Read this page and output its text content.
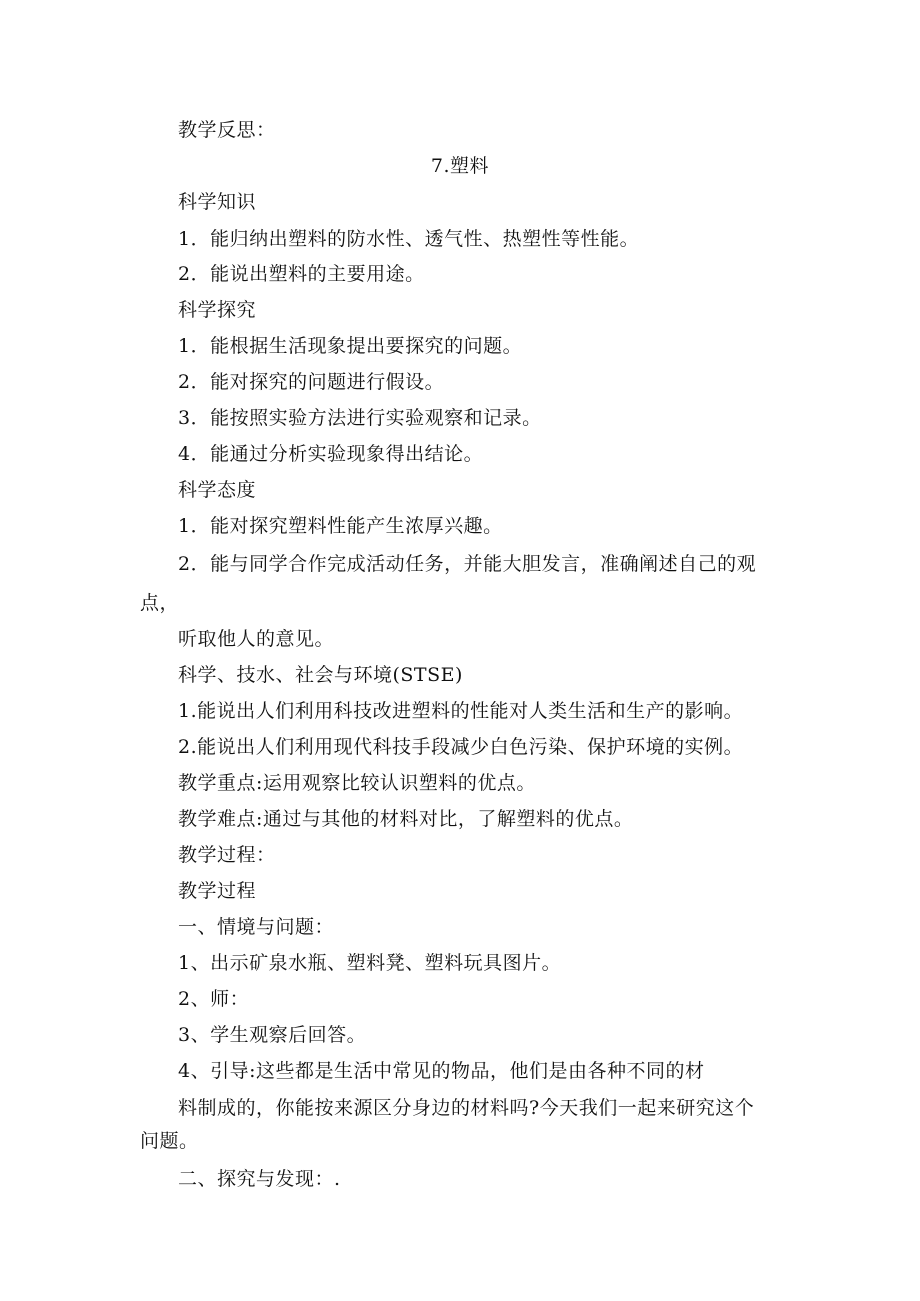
教学反思：

7.塑料

科学知识

1．能归纳出塑料的防水性、透气性、热塑性等性能。

2．能说出塑料的主要用途。

科学探究

1．能根据生活现象提出要探究的问题。

2．能对探究的问题进行假设。

3．能按照实验方法进行实验观察和记录。

4．能通过分析实验现象得出结论。

科学态度

1．能对探究塑料性能产生浓厚兴趣。

2．能与同学合作完成活动任务，并能大胆发言，准确阐述自己的观

点，

听取他人的意见。

科学、技水、社会与环境(STSE)

1.能说出人们利用科技改进塑料的性能对人类生活和生产的影响。

2.能说出人们利用现代科技手段减少白色污染、保护环境的实例。

教学重点:运用观察比较认识塑料的优点。

教学难点:通过与其他的材料对比，了解塑料的优点。

教学过程：

教学过程

一、情境与问题：

1、出示矿泉水瓶、塑料凳、塑料玩具图片。

2、师：

3、学生观察后回答。

4、引导:这些都是生活中常见的物品，他们是由各种不同的材

料制成的，你能按来源区分身边的材料吗?今天我们一起来研究这个

问题。

二、探究与发现：.
